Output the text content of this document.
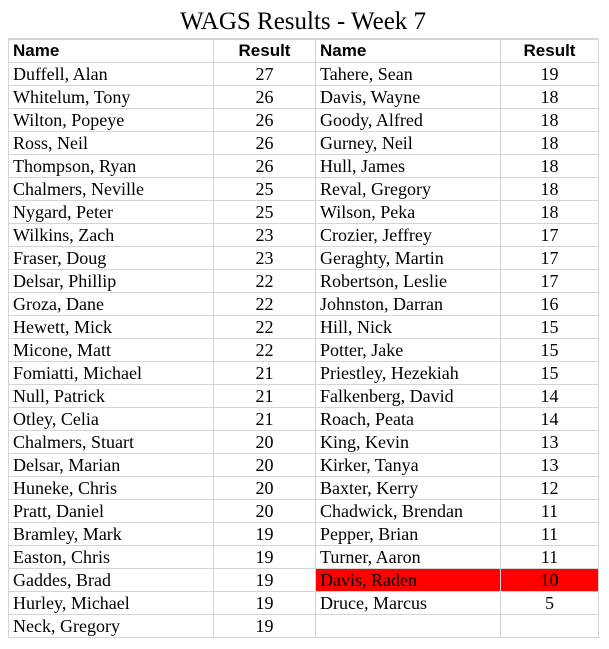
WAGS Results - Week 7
Name	Result	Name	Result
Duffell, Alan	27	Tahere, Sean	19
Whitelum, Tony	26	Davis, Wayne	18
Wilton, Popeye	26	Goody, Alfred	18
Ross, Neil	26	Gurney, Neil	18
Thompson, Ryan	26	Hull, James	18
Chalmers, Neville	25	Reval, Gregory	18
Nygard, Peter	25	Wilson, Peka	18
Wilkins, Zach	23	Crozier, Jeffrey	17
Fraser, Doug	23	Geraghty, Martin	17
Delsar, Phillip	22	Robertson, Leslie	17
Groza, Dane	22	Johnston, Darran	16
Hewett, Mick	22	Hill, Nick	15
Micone, Matt	22	Potter, Jake	15
Fomiatti, Michael	21	Priestley, Hezekiah	15
Null, Patrick	21	Falkenberg, David	14
Otley, Celia	21	Roach, Peata	14
Chalmers, Stuart	20	King, Kevin	13
Delsar, Marian	20	Kirker, Tanya	13
Huneke, Chris	20	Baxter, Kerry	12
Pratt, Daniel	20	Chadwick, Brendan	11
Bramley, Mark	19	Pepper, Brian	11
Easton, Chris	19	Turner, Aaron	11
Gaddes, Brad	19	Davis, Raden	10
Hurley, Michael	19	Druce, Marcus	5
Neck, Gregory	19		
